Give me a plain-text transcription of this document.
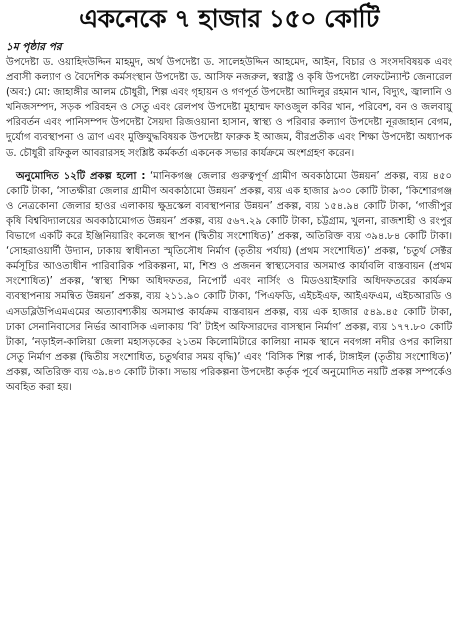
একনেকে ৭ হাজার ১৫০ কোটি
১ম পৃষ্ঠার পর

উপদেষ্টা ড. ওয়াহিদউদ্দিন মাহমুদ, অর্থ উপদেষ্টা ড. সালেহউদ্দিন আহমেদ, আইন, বিচার ও সংসদবিষয়ক এবং প্রবাসী কল্যাণ ও বৈদেশিক কর্মসংস্থান উপদেষ্টা ড. আসিফ নজরুল, স্বরাষ্ট্র ও কৃষি উপদেষ্টা লেফটেন্যান্ট জেনারেল (অব:) মো: জাহাঙ্গীর আলম চৌধুরী, শিল্প এবং গৃহায়ন ও গণপূর্ত উপদেষ্টা আদিলুর রহমান খান, বিদ্যুৎ, জ্বালানি ও খনিজসম্পদ, সড়ক পরিবহন ও সেতু এবং রেলপথ উপদেষ্টা মুহাম্মদ ফাওজুল কবির খান, পরিবেশ, বন ও জলবায়ু পরিবর্তন এবং পানিসম্পদ উপদেষ্টা সৈয়দা রিজওয়ানা হাসান, স্বাস্থ্য ও পরিবার কল্যাণ উপদেষ্টা নূরজাহান বেগম, দুর্যোগ ব্যবস্থাপনা ও ত্রাণ এবং মুক্তিযুদ্ধবিষয়ক উপদেষ্টা ফারুক ই আজম, বীরপ্রতীক এবং শিক্ষা উপদেষ্টা অধ্যাপক ড. চৌধুরী রফিকুল আবরারসহ সংশ্লিষ্ট কর্মকর্তা একনেক সভার কার্যক্রমে অংশগ্রহণ করেন।

অনুমোদিত ১২টি প্রকল্প হলো : ‘মানিকগঞ্জ জেলার গুরুত্বপূর্ণ গ্রামীণ অবকাঠামো উন্নয়ন’ প্রকল্প, ব্যয় ৪৫০ কোটি টাকা, ‘সাতক্ষীরা জেলার গ্রামীণ অবকাঠামো উন্নয়ন’ প্রকল্প, ব্যয় এক হাজার ৯৩০ কোটি টাকা, ‘কিশোরগঞ্জ ও নেত্রকোনা জেলার হাওর এলাকায় ক্ষুদ্রস্কেল ব্যবস্থাপনার উন্নয়ন’ প্রকল্প, ব্যয় ১৫৪.৯৪ কোটি টাকা, ‘গাজীপুর কৃষি বিশ্ববিদ্যালয়ের অবকাঠামোগত উন্নয়ন’ প্রকল্প, ব্যয় ৫৬৭.২৯ কোটি টাকা, চট্টগ্রাম, খুলনা, রাজশাহী ও রংপুর বিভাগে একটি করে ইঞ্জিনিয়ারিং কলেজ স্থাপন (দ্বিতীয় সংশোধিত)’ প্রকল্প, অতিরিক্ত ব্যয় ৩৯৪.৮৪ কোটি টাকা। ‘সোহরাওয়ার্দী উদ্যান, ঢাকায় স্বাধীনতা স্মৃতিসৌধ নির্মাণ (তৃতীয় পর্যায়) (প্রথম সংশোধিত)’ প্রকল্প, ‘চতুর্থ সেক্টর কর্মসূচির আওতাধীন পারিবারিক পরিকল্পনা, মা, শিশু ও প্রজনন স্বাস্থ্যসেবার অসমাপ্ত কার্যাবলি বাস্তবায়ন (প্রথম সংশোধিত)’ প্রকল্প, ‘স্বাস্থ্য শিক্ষা অধিদফতর, নিপোর্ট এবং নার্সিং ও মিডওয়াইফারি অধিদফতরের কার্যক্রম ব্যবস্থাপনায় সমন্বিত উন্নয়ন’ প্রকল্প, ব্যয় ২১১.৯০ কোটি টাকা, ‘পিএফডি, এইচইএফ, আইএফএম, এইচআরডি ও এসডব্লিউপিএমএমের অত্যাবশ্যকীয় অসমাপ্ত কার্যক্রম বাস্তবায়ন প্রকল্প, ব্যয় এক হাজার ৫৪৯.৪৫ কোটি টাকা, ঢাকা সেনানিবাসের নির্ভর আবাসিক এলাকায় ‘বি’ টাইপ অফিসারদের বাসস্থান নির্মাণ’ প্রকল্প, ব্যয় ১৭৭.৮০ কোটি টাকা, ‘নড়াইল-কালিয়া জেলা মহাসড়কের ২১তম কিলোমিটারে কালিয়া নামক স্থানে নবগঙ্গা নদীর ওপর কালিয়া সেতু নির্মাণ প্রকল্প (দ্বিতীয় সংশোধিত, চতুর্থবার সময় বৃদ্ধি)’ এবং ‘বিসিক শিল্প পার্ক, টাঙ্গাইল (তৃতীয় সংশোধিত)’ প্রকল্প, অতিরিক্ত ব্যয় ৩৯.৪৩ কোটি টাকা। সভায় পরিকল্পনা উপদেষ্টা কর্তৃক পূর্বে অনুমোদিত নয়টি প্রকল্প সম্পর্কেও অবহিত করা হয়।
